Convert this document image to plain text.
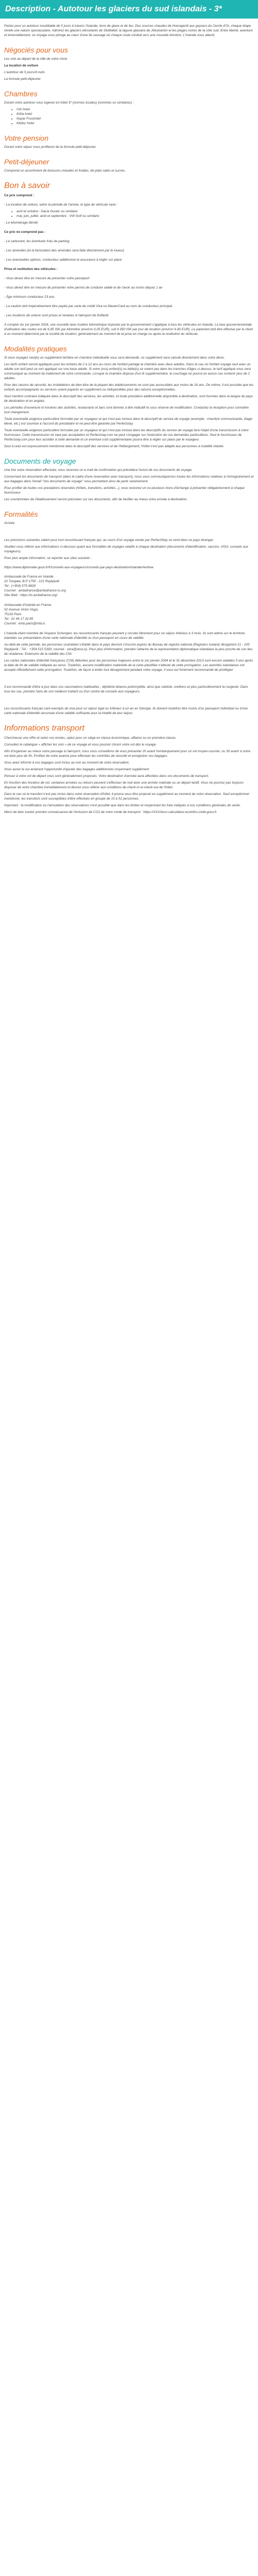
Description - Autotour les glaciers du sud islandais - 3*

Partez pour un autotour inoubliable de 5 jours à travers l'Islande, terre de glace et de feu. Des sources chaudes de Hveragerði aux geysers du Cercle d'Or, chaque étape révèle une nature spectaculaire. Admirez les glaciers étincelants de Skaftafell, la lagune glaciaire de Jökulsárlón et les plages noires de la côte sud. Entre liberté, aventure et émerveillement, ce voyage vous plonge au cœur d'une île sauvage où chaque route conduit vers une nouvelle émotion. L'Islande vous attend.

Négociés pour vous

Les vols au départ de la ville de votre choix

La location de voiture

L'autotour de 5 jours/4 nuits

La formule petit-déjeuner

Chambres

Durant votre autotour vous logerez en hôtel 3* (normes locales) (nommés ou similaires) :

• Ork hotel
• Kiöla hotel
• Nupar Fosshotel
• Klettur hotel
Votre pension

Durant votre séjour vous profiterez de la formule petit-déjeuner.

Petit-déjeuner

Comprend un assortiment de boissons chaudes et froides, de plats salés et sucrés.

Bon à savoir

Ce prix comprend :

- La location de voiture, selon la période de l'année, le type de véhicule varie :

• avril et octobre : Dacia Duster ou similaire
• mai, juin, juillet, août et septembre : VW Golf ou similaire

- Le kilométrage illimité

Ce prix ne comprend pas :

- Le carburant, les éventuels frais de parking.

- Les amendes (et la facturation des amendes sera faite directement par le loueur)

- Les éventuelles options, conducteur additionnel et assurance à régler sur place

Prise et restitution des véhicules :

- Vous devez être en mesure de présenter votre passeport

- Vous devez être en mesure de présenter votre permis de conduire valide et de l'avoir au moins depuis 1 an

- Âge minimum conducteur 23 ans.

- La caution doit impérativement être payée par carte de crédit Visa ou MasterCard au nom du conducteur principal.

- Les locations de voiture sont prises et rendues à l'aéroport de Keflavik

À compter du 1er janvier 2024, une nouvelle taxe routière kilométrique imposée par le gouvernement s'applique à tous les véhicules en Islande. La taxe gouvernementale d'utilisation des routes est de 6,95 ISK par kilomètre (environ 0,05 EUR), soit 6 950 ISK par jour de location (environ 9,40 EUR). Le paiement doit être effectué par le client à un moment déterminé par la société de location, généralement au moment de la prise en charge ou après la restitution du véhicule.

Modalités pratiques

Si vous voyagez seul(e) un supplément tarifaire en chambre individuelle vous sera demandé, ce supplément sera calculé directement dans votre devis.

Les tarifs enfant seront appliqués pour les enfants de 2 à 12 ans au cours de l'enfant partage la chambre avec deux adultes. Dans le cas où l'enfant voyage seul avec un adulte son tarif peut se voir appliqué sur une base adulte. Si votre (vos) enfant(s) ou bébé(s) se voient pas dans les tranches d'âges ci-dessus, le tarif appliqué vous sera communiqué au moment du traitement de votre commande. Lorsque la chambre dispose d'un lit supplémentaire, le couchage ne pourra en aucun cas contenir plus de 2 adultes.

Pour des raisons de sécurité, les installations de bien-être de la plupart des établissements ne sont pas accessibles aux moins de 16 ans. De même, il est possible que les enfants accompagnants ou services soient payants en supplément ou indisponibles pour des raisons exceptionnelles.

Seul mention contraire indiquée dans le descriptif des services, les activités, et toute prestation additionnelle disponible à destination, sont fournies dans la langue du pays de destination et en anglais.

Les périodes d'ouverture et horaires des activités, restaurants et bars sont donnés à titre indicatif et sous réserve de modification. Contactez la réception pour connaître tout changement.

Toute éventuelle exigence particulière formulée par un voyageur et qui n'est pas incluse dans le descriptif du service de voyage (exemple : chambre communicante, étage élevé, etc.) est soumise à l'accord du prestataire et ne peut être garantie par Perfectstay.

Toute éventuelle exigence particulière formulée par un voyageur et qui n'est pas incluse dans les descriptifs du service de voyage fera l'objet d'une transmission à notre fournisseur. Cette transmission ne vaut pas acceptation et Perfectstay.com ne peut s'engager sur l'exécution de ces demandes particulières. Seul le fournisseur de Perfectstay.com pour leur accéder à cette demande et un éventuel coût supplémentaire pourra être à régler sur place par le voyageur.

Seul à celui est expressément mentionné dans le descriptif des services et de l'hébergement, l'hôtel n'est pas adapté aux personnes à mobilité réduite.

Documents de voyage

Une fois votre réservation effectuée, vous recevrez un e-mail de confirmation qui précédera l'envoi de vos documents de voyage.

Concernant les documents de transport (dans le cadre d'une réservation avec transport), nous vous communiquerons toutes les informations relatives à l'enregistrement et aux bagages dans l'email "Vos documents de voyage" vous permettant ainsi de partir sereinement.

Pour profiter de toutes vos prestations réservées (hôtels, transferts, activités...), vous recevrez un ou plusieurs bons d'échange à présenter obligatoirement à chaque fournisseur.

Les coordonnées de l'établissement seront précisées sur ces documents, afin de faciliter au mieux votre arrivée à destination.

Formalités

Arrivée

Les précisions suivantes valent pour tout ressortissant français qui, au cours d'un voyage vendu par PerfectStay se rend dans ce pays étranger.

Veuillez vous référer aux informations ci-dessous quant aux formalités de voyages relatifs à chaque destination (documents d'identification, vaccins, VISA, conseils aux voyageurs).

Pour plus ample information, se reporter aux sites suivants :

https://www.diplomatie.gouv.fr/fr/conseils-aux-voyageurs/conseils-par-pays-destination/islande/#entree

Ambassade de France en Islande

22 Tungata, B.P 1750 - 121 Reykjavik

Tel : (+354) 575-9600

Courriel : ambafrance@ambafrance-is.org

Site Web : https://is.ambafrance.org/

Ambassade d'Islande en France

52 Avenue Victor Hugo,

75116 Paris

Tel : 01 44 17 32 85

Courriel : emb.paris@mfa.is

L'Islande étant membre de l'espace Schengen, les ressortissants français peuvent y circuler librement pour un séjour inférieur à 3 mois. Ils sont admis sur le territoire islandais sur présentation d'une carte nationale d'identité ou d'un passeport en cours de validité.

Au-delà de cette période, les personnes souhaitant s'établir dans le pays devront s'inscrire auprès du Bureau de registre national (Registers Iceland, Borgartúni 21 - 105 Reykjavík : Tél. : +354 515 5300, courriel : skra@skra.is). Pour plus d'information, prendre l'attache de la représentation diplomatique islandaise la plus proche de son lieu de résidence. Extension de la validité des CNI.

Les cartes nationales d'identité françaises (CNI) délivrées pour les personnes majeures entre le 1er janvier 2004 et le 31 décembre 2013 sont encore valables 5 ans après la date de fin de validité indiquée au verso. Toutefois, aucune modification matérielle de la carte plastifiée n'atteste de cette prorogation. Les autorités islandaises ont accepté officiellement cette prorogation. Toutefois, de façon à éviter tout désagrément pendant votre voyage, il vous est fortement recommandé de privilégier

Il est recommandé d'être à jour dans vos vaccinations habituelles : diphtérie-tétanos-poliomyélite, ainsi que rubéole, oreillons et plus particulièrement la rougeole. Dans tous les cas, prendre l'avis de son médecin traitant ou d'un centre de conseils aux voyageurs.

Les ressortissants français sont exempts de visa pour un séjour égal ou inférieur à un an en Géorgie. Ils doivent toutefois être munis d'un passeport individuel ou d'une carte nationale d'identité sécurisée d'une validité suffisante pour la totalité de leur séjour.

Informations transport

Chercheuse une offre et selon vos envies, optez pour un siège en classe économique, affaires ou en première classe.

Consultez le catalogue « afficher les vols » de ce voyage et vous pourrez choisir votre vol dès le voyage.

Afin d'organiser au mieux votre passage à l'aéroport, nous vous conseillons de vous présenter 2h avant l'embarquement pour un vol moyen-courrier, ou 3h avant si votre vol dure plus de 5h. Profitez de votre avance pour effectuer les contrôles de sécurité et enregistrer vos bagages.

Vous avez informé à vos bagages sont inclus au non au moment de votre réservation.

Vous aurez la sur-éclairant l'opportunité d'ajouter des bagages additionnels moyennant supplément

Pensez à votre vol de départ vous sont généralement proposés. Votre destination d'arrivée aura affectées dans vos documents de transport.

En fonction des horaires de vol, certaines arrivées ou retours peuvent s'effectuer de nuit avec une arrivée matinale ou un départ tardif. Vous ne pourrez pas toujours disposer de votre chambre immédiatement et devrez vous référer aux conditions de check-in et check-out de l'hôtel.

Dans le cas où le transfert n'est pas inclus dans votre réservation d'hôtel, il pourra vous être proposé en supplément au moment de votre réservation. Sauf exceptionnel mentionné, les transferts sont susceptibles d'être effectués en groupe de 15 à 51 personnes.

Important : la modification ou l'annulation des réservations n'est possible que dans les limites et moyennant les frais indiqués à nos conditions générales de vente.

Merci de bien vouloir prendre connaissance de l'émission de CO2 de votre mode de transport : https://XXXXeco-calculateur.ecoinfos-civile.gouv.fr
